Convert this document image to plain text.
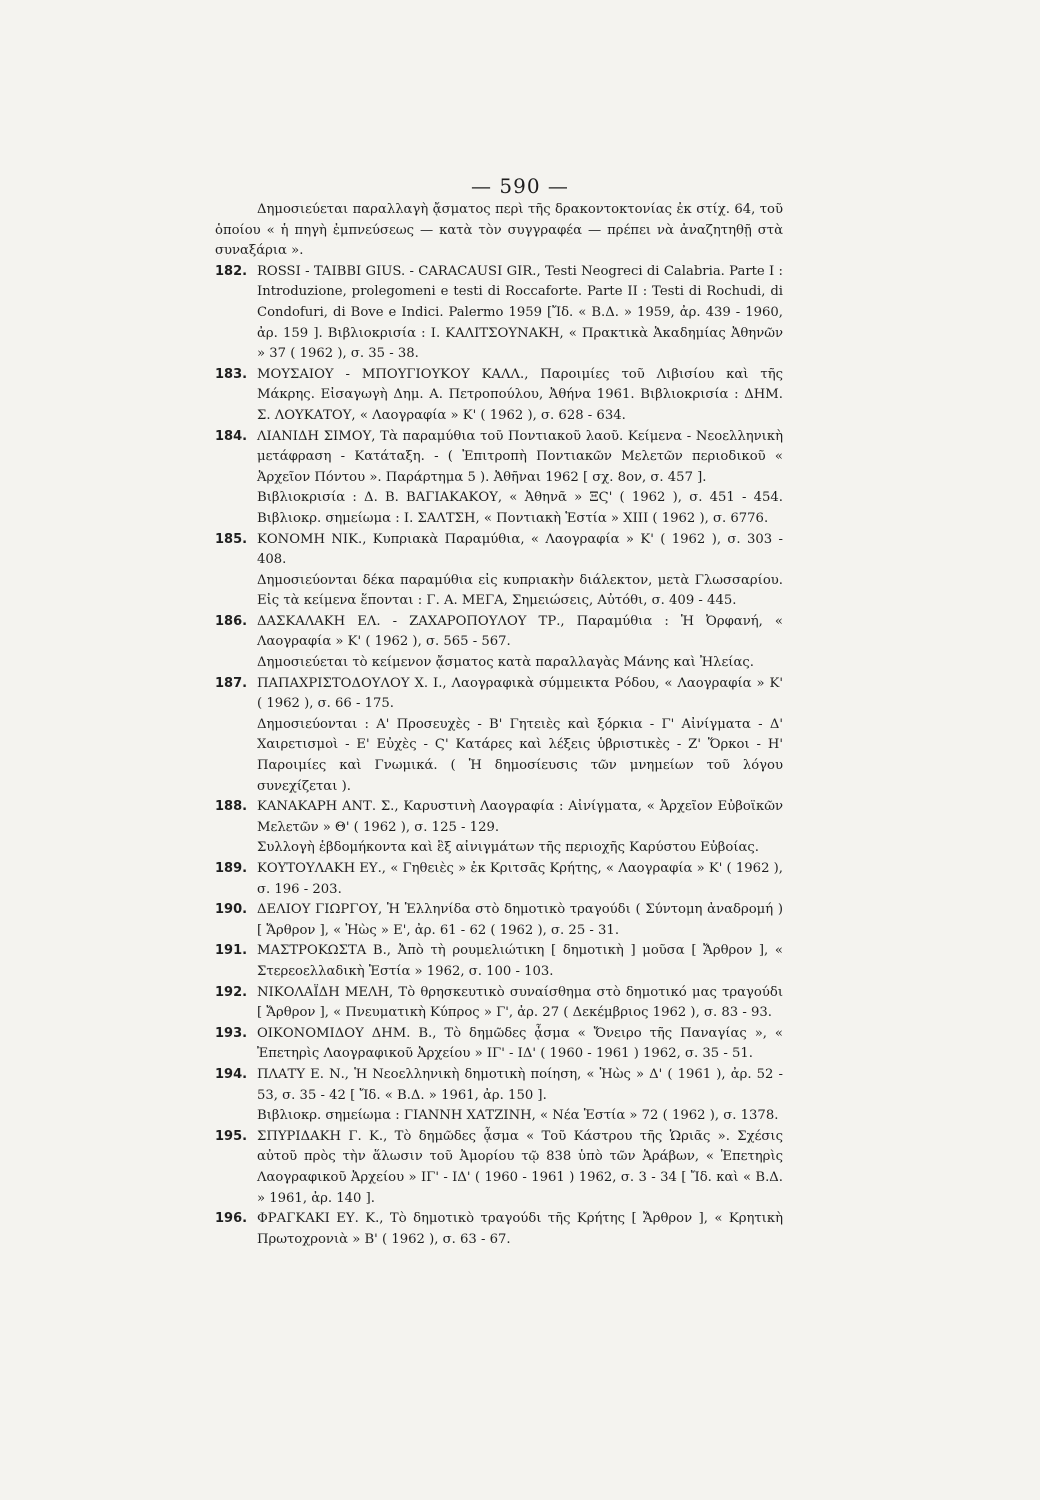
— 590 —

Δημοσιεύεται παραλλαγὴ ᾄσματος περὶ τῆς δρακοντοκτονίας ἐκ στίχ. 64, τοῦ ὁποίου « ἡ πηγὴ ἐμπνεύσεως — κατὰ τὸν συγγραφέα — πρέπει νὰ ἀναζητηθῇ στὰ συναξάρια ».

182. ROSSI - TAIBBI GIUS. - CARACAUSI GIR., Testi Neogreci di Calabria. Parte I : Introduzione, prolegomeni e testi di Roccaforte. Parte II : Testi di Rochudi, di Condofuri, di Bove e Indici. Palermo 1959 [Ἴδ. « Β.Δ. » 1959, ἀρ. 439 - 1960, ἀρ. 159 ]. Βιβλιοκρισία : Ι. ΚΑΛΙΤΣΟΥΝΑΚΗ, « Πρακτικὰ Ἀκαδημίας Ἀθηνῶν » 37 ( 1962 ), σ. 35 - 38.

183. ΜΟΥΣΑΙΟΥ - ΜΠΟΥΓΙΟΥΚΟΥ ΚΑΛΛ., Παροιμίες τοῦ Λιβισίου καὶ τῆς Μάκρης. Εἰσαγωγὴ Δημ. Α. Πετροπούλου, Ἀθήνα 1961. Βιβλιοκρισία : ΔΗΜ. Σ. ΛΟΥΚΑΤΟΥ, « Λαογραφία » Κ' ( 1962 ), σ. 628 - 634.

184. ΛΙΑΝΙΔΗ ΣΙΜΟΥ, Τὰ παραμύθια τοῦ Ποντιακοῦ λαοῦ. Κείμενα - Νεοελληνικὴ μετάφραση - Κατάταξη. - ( Ἐπιτροπὴ Ποντιακῶν Μελετῶν περιοδικοῦ « Ἀρχεῖον Πόντου ». Παράρτημα 5 ). Ἀθῆναι 1962 [ σχ. 8ον, σ. 457 ].

Βιβλιοκρισία : Δ. Β. ΒΑΓΙΑΚΑΚΟΥ, « Ἀθηνᾶ » ΞϚ' ( 1962 ), σ. 451 - 454. Βιβλιοκρ. σημείωμα : Ι. ΣΑΛΤΣΗ, « Ποντιακὴ Ἑστία » XIII ( 1962 ), σ. 6776.

185. ΚΟΝΟΜΗ ΝΙΚ., Κυπριακὰ Παραμύθια, « Λαογραφία » Κ' ( 1962 ), σ. 303 - 408.

Δημοσιεύονται δέκα παραμύθια εἰς κυπριακὴν διάλεκτον, μετὰ Γλωσσαρίου. Εἰς τὰ κείμενα ἕπονται : Γ. Α. ΜΕΓΑ, Σημειώσεις, Αὐτόθι, σ. 409 - 445.

186. ΔΑΣΚΑΛΑΚΗ ΕΛ. - ΖΑΧΑΡΟΠΟΥΛΟΥ ΤΡ., Παραμύθια : Ἡ Ὀρφανή, « Λαογραφία » Κ' ( 1962 ), σ. 565 - 567.

Δημοσιεύεται τὸ κείμενον ᾄσματος κατὰ παραλλαγὰς Μάνης καὶ Ἠλείας.

187. ΠΑΠΑΧΡΙΣΤΟΔΟΥΛΟΥ Χ. Ι., Λαογραφικὰ σύμμεικτα Ρόδου, « Λαογραφία » Κ' ( 1962 ), σ. 66 - 175.

Δημοσιεύονται : Α' Προσευχὲς - Β' Γητειὲς καὶ ξόρκια - Γ' Αἰνίγματα - Δ' Χαιρετισμοὶ - Ε' Εὐχὲς - Ϛ' Κατάρες καὶ λέξεις ὑβριστικὲς - Ζ' Ὅρκοι - Η' Παροιμίες καὶ Γνωμικά. ( Ἡ δημοσίευσις τῶν μνημείων τοῦ λόγου συνεχίζεται ).

188. ΚΑΝΑΚΑΡΗ ΑΝΤ. Σ., Καρυστινὴ Λαογραφία : Αἰνίγματα, « Ἀρχεῖον Εὐβοϊκῶν Μελετῶν » Θ' ( 1962 ), σ. 125 - 129.

Συλλογὴ ἑβδομήκοντα καὶ ἓξ αἰνιγμάτων τῆς περιοχῆς Καρύστου Εὐβοίας.

189. ΚΟΥΤΟΥΛΑΚΗ ΕΥ., « Γηθειὲς » ἐκ Κριτσᾶς Κρήτης, « Λαογραφία » Κ' ( 1962 ), σ. 196 - 203.

190. ΔΕΛΙΟΥ ΓΙΩΡΓΟΥ, Ἡ Ἑλληνίδα στὸ δημοτικὸ τραγούδι ( Σύντομη ἀναδρομή ) [ Ἄρθρον ], « Ἠὼς » Ε', ἀρ. 61 - 62 ( 1962 ), σ. 25 - 31.

191. ΜΑΣΤΡΟΚΩΣΤΑ Β., Ἀπὸ τὴ ρουμελιώτικη [ δημοτικὴ ] μοῦσα [ Ἄρθρον ], « Στερεοελλαδικὴ Ἑστία » 1962, σ. 100 - 103.

192. ΝΙΚΟΛΑΪΔΗ ΜΕΛΗ, Τὸ θρησκευτικὸ συναίσθημα στὸ δημοτικό μας τραγούδι [ Ἄρθρον ], « Πνευματικὴ Κύπρος » Γ', ἀρ. 27 ( Δεκέμβριος 1962 ), σ. 83 - 93.

193. ΟΙΚΟΝΟΜΙΔΟΥ ΔΗΜ. Β., Τὸ δημῶδες ᾆσμα « Ὄνειρο τῆς Παναγίας », « Ἐπετηρὶς Λαογραφικοῦ Ἀρχείου » ΙΓ' - ΙΔ' ( 1960 - 1961 ) 1962, σ. 35 - 51.

194. ΠΛΑΤΥ Ε. Ν., Ἡ Νεοελληνικὴ δημοτικὴ ποίηση, « Ἠὼς » Δ' ( 1961 ), ἀρ. 52 - 53, σ. 35 - 42 [ Ἴδ. « Β.Δ. » 1961, ἀρ. 150 ].

Βιβλιοκρ. σημείωμα : ΓΙΑΝΝΗ ΧΑΤΖΙΝΗ, « Νέα Ἑστία » 72 ( 1962 ), σ. 1378.

195. ΣΠΥΡΙΔΑΚΗ Γ. Κ., Τὸ δημῶδες ᾆσμα « Τοῦ Κάστρου τῆς Ὡριᾶς ». Σχέσις αὐτοῦ πρὸς τὴν ἅλωσιν τοῦ Ἀμορίου τῷ 838 ὑπὸ τῶν Ἀράβων, « Ἐπετηρὶς Λαογραφικοῦ Ἀρχείου » ΙΓ' - ΙΔ' ( 1960 - 1961 ) 1962, σ. 3 - 34 [ Ἴδ. καὶ « Β.Δ. » 1961, ἀρ. 140 ].

196. ΦΡΑΓΚΑΚΙ ΕΥ. Κ., Τὸ δημοτικὸ τραγούδι τῆς Κρήτης [ Ἄρθρον ], « Κρητικὴ Πρωτοχρονιὰ » Β' ( 1962 ), σ. 63 - 67.
